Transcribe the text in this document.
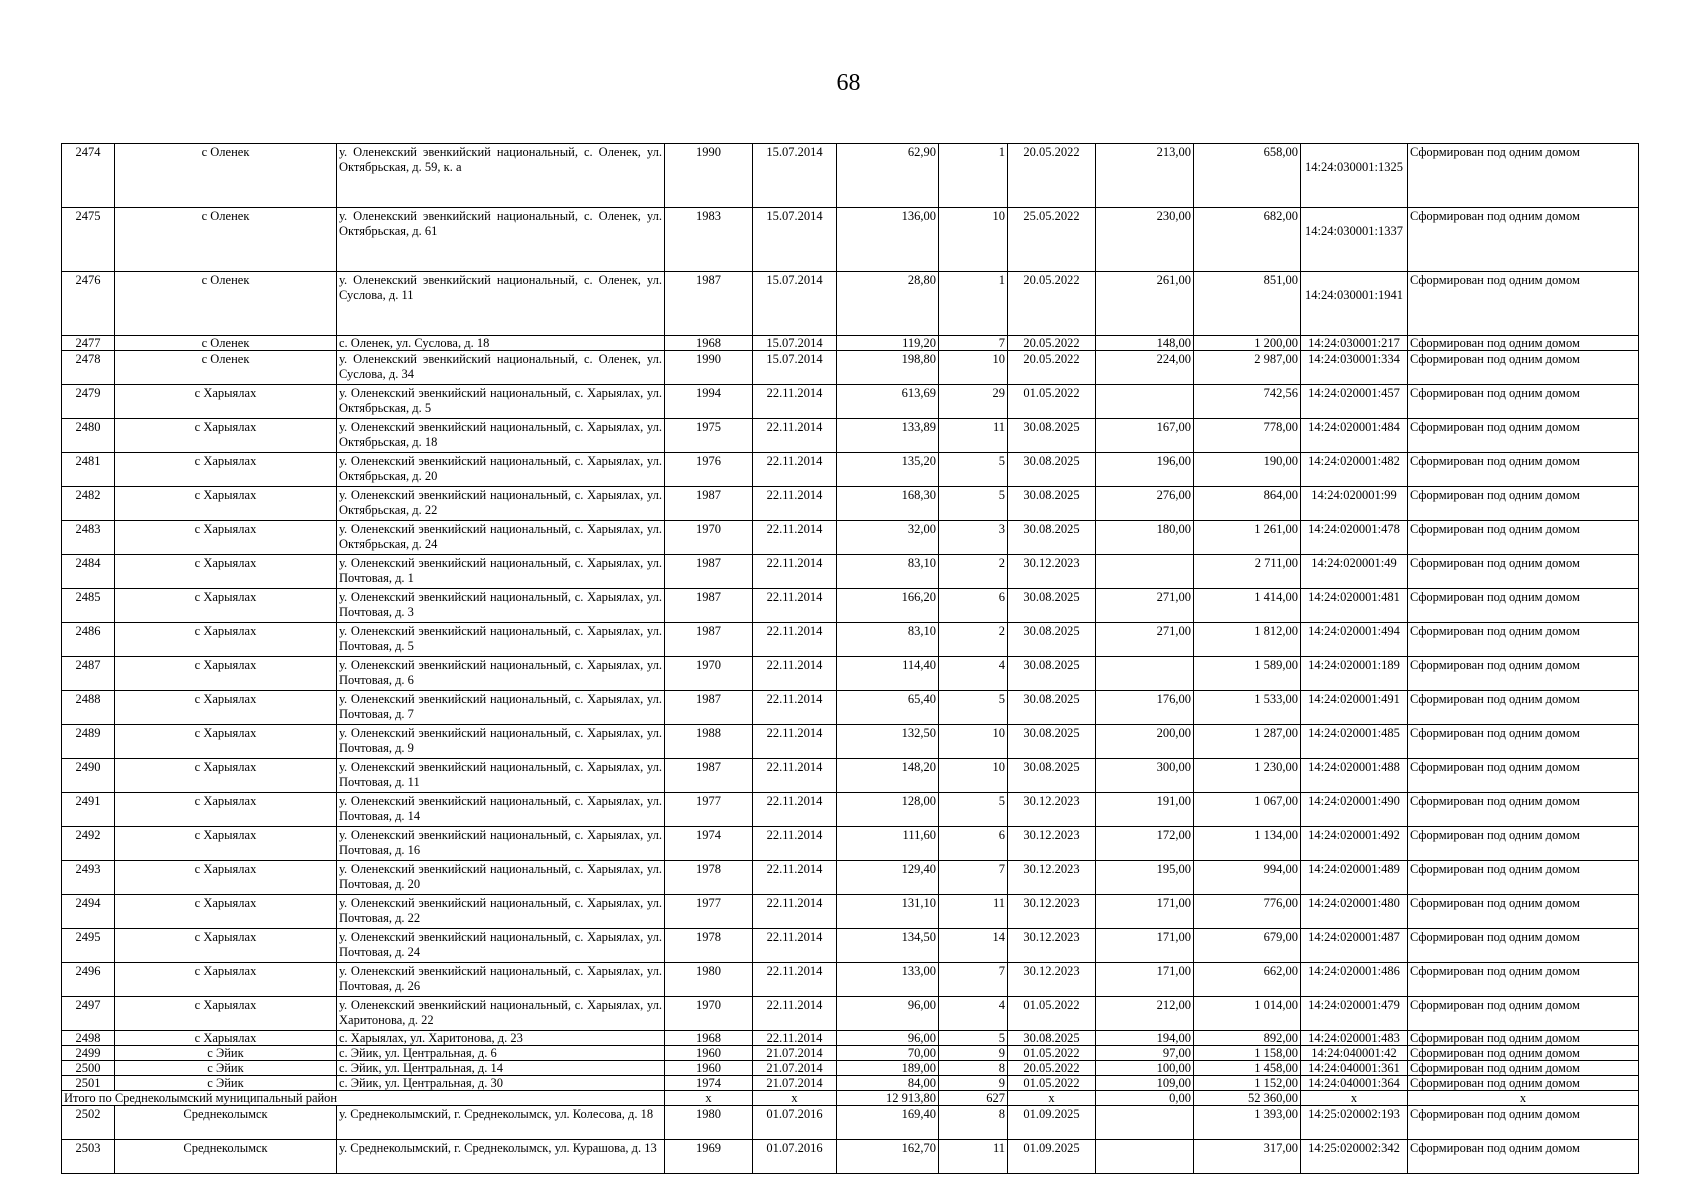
68
2474	с Оленек	у. Оленекский эвенкийский национальный, с. Оленек, ул. Октябрьская, д. 59, к. а	1990	15.07.2014	62,90	1	20.05.2022	213,00	658,00	14:24:030001:1325	Сформирован под одним домом
2475	с Оленек	у. Оленекский эвенкийский национальный, с. Оленек, ул. Октябрьская, д. 61	1983	15.07.2014	136,00	10	25.05.2022	230,00	682,00	14:24:030001:1337	Сформирован под одним домом
2476	с Оленек	у. Оленекский эвенкийский национальный, с. Оленек, ул. Суслова, д. 11	1987	15.07.2014	28,80	1	20.05.2022	261,00	851,00	14:24:030001:1941	Сформирован под одним домом
2477	с Оленек	с. Оленек, ул. Суслова, д. 18	1968	15.07.2014	119,20	7	20.05.2022	148,00	1 200,00	14:24:030001:217	Сформирован под одним домом
2478	с Оленек	у. Оленекский эвенкийский национальный, с. Оленек, ул. Суслова, д. 34	1990	15.07.2014	198,80	10	20.05.2022	224,00	2 987,00	14:24:030001:334	Сформирован под одним домом
2479	с Харыялах	у. Оленекский эвенкийский национальный, с. Харыялах, ул. Октябрьская, д. 5	1994	22.11.2014	613,69	29	01.05.2022		742,56	14:24:020001:457	Сформирован под одним домом
2480	с Харыялах	у. Оленекский эвенкийский национальный, с. Харыялах, ул. Октябрьская, д. 18	1975	22.11.2014	133,89	11	30.08.2025	167,00	778,00	14:24:020001:484	Сформирован под одним домом
2481	с Харыялах	у. Оленекский эвенкийский национальный, с. Харыялах, ул. Октябрьская, д. 20	1976	22.11.2014	135,20	5	30.08.2025	196,00	190,00	14:24:020001:482	Сформирован под одним домом
2482	с Харыялах	у. Оленекский эвенкийский национальный, с. Харыялах, ул. Октябрьская, д. 22	1987	22.11.2014	168,30	5	30.08.2025	276,00	864,00	14:24:020001:99	Сформирован под одним домом
2483	с Харыялах	у. Оленекский эвенкийский национальный, с. Харыялах, ул. Октябрьская, д. 24	1970	22.11.2014	32,00	3	30.08.2025	180,00	1 261,00	14:24:020001:478	Сформирован под одним домом
2484	с Харыялах	у. Оленекский эвенкийский национальный, с. Харыялах, ул. Почтовая, д. 1	1987	22.11.2014	83,10	2	30.12.2023		2 711,00	14:24:020001:49	Сформирован под одним домом
2485	с Харыялах	у. Оленекский эвенкийский национальный, с. Харыялах, ул. Почтовая, д. 3	1987	22.11.2014	166,20	6	30.08.2025	271,00	1 414,00	14:24:020001:481	Сформирован под одним домом
2486	с Харыялах	у. Оленекский эвенкийский национальный, с. Харыялах, ул. Почтовая, д. 5	1987	22.11.2014	83,10	2	30.08.2025	271,00	1 812,00	14:24:020001:494	Сформирован под одним домом
2487	с Харыялах	у. Оленекский эвенкийский национальный, с. Харыялах, ул. Почтовая, д. 6	1970	22.11.2014	114,40	4	30.08.2025		1 589,00	14:24:020001:189	Сформирован под одним домом
2488	с Харыялах	у. Оленекский эвенкийский национальный, с. Харыялах, ул. Почтовая, д. 7	1987	22.11.2014	65,40	5	30.08.2025	176,00	1 533,00	14:24:020001:491	Сформирован под одним домом
2489	с Харыялах	у. Оленекский эвенкийский национальный, с. Харыялах, ул. Почтовая, д. 9	1988	22.11.2014	132,50	10	30.08.2025	200,00	1 287,00	14:24:020001:485	Сформирован под одним домом
2490	с Харыялах	у. Оленекский эвенкийский национальный, с. Харыялах, ул. Почтовая, д. 11	1987	22.11.2014	148,20	10	30.08.2025	300,00	1 230,00	14:24:020001:488	Сформирован под одним домом
2491	с Харыялах	у. Оленекский эвенкийский национальный, с. Харыялах, ул. Почтовая, д. 14	1977	22.11.2014	128,00	5	30.12.2023	191,00	1 067,00	14:24:020001:490	Сформирован под одним домом
2492	с Харыялах	у. Оленекский эвенкийский национальный, с. Харыялах, ул. Почтовая, д. 16	1974	22.11.2014	111,60	6	30.12.2023	172,00	1 134,00	14:24:020001:492	Сформирован под одним домом
2493	с Харыялах	у. Оленекский эвенкийский национальный, с. Харыялах, ул. Почтовая, д. 20	1978	22.11.2014	129,40	7	30.12.2023	195,00	994,00	14:24:020001:489	Сформирован под одним домом
2494	с Харыялах	у. Оленекский эвенкийский национальный, с. Харыялах, ул. Почтовая, д. 22	1977	22.11.2014	131,10	11	30.12.2023	171,00	776,00	14:24:020001:480	Сформирован под одним домом
2495	с Харыялах	у. Оленекский эвенкийский национальный, с. Харыялах, ул. Почтовая, д. 24	1978	22.11.2014	134,50	14	30.12.2023	171,00	679,00	14:24:020001:487	Сформирован под одним домом
2496	с Харыялах	у. Оленекский эвенкийский национальный, с. Харыялах, ул. Почтовая, д. 26	1980	22.11.2014	133,00	7	30.12.2023	171,00	662,00	14:24:020001:486	Сформирован под одним домом
2497	с Харыялах	у. Оленекский эвенкийский национальный, с. Харыялах, ул. Харитонова, д. 22	1970	22.11.2014	96,00	4	01.05.2022	212,00	1 014,00	14:24:020001:479	Сформирован под одним домом
2498	с Харыялах	с. Харыялах, ул. Харитонова, д. 23	1968	22.11.2014	96,00	5	30.08.2025	194,00	892,00	14:24:020001:483	Сформирован под одним домом
2499	с Эйик	с. Эйик, ул. Центральная, д. 6	1960	21.07.2014	70,00	9	01.05.2022	97,00	1 158,00	14:24:040001:42	Сформирован под одним домом
2500	с Эйик	с. Эйик, ул. Центральная, д. 14	1960	21.07.2014	189,00	8	20.05.2022	100,00	1 458,00	14:24:040001:361	Сформирован под одним домом
2501	с Эйик	с. Эйик, ул. Центральная, д. 30	1974	21.07.2014	84,00	9	01.05.2022	109,00	1 152,00	14:24:040001:364	Сформирован под одним домом
Итого по Среднеколымский муниципальный район			х	х	12 913,80	627	х	0,00	52 360,00	х	х
2502	Среднеколымск	у. Среднеколымский, г. Среднеколымск, ул. Колесова, д. 18	1980	01.07.2016	169,40	8	01.09.2025		1 393,00	14:25:020002:193	Сформирован под одним домом
2503	Среднеколымск	у. Среднеколымский, г. Среднеколымск, ул. Курашова, д. 13	1969	01.07.2016	162,70	11	01.09.2025		317,00	14:25:020002:342	Сформирован под одним домом
